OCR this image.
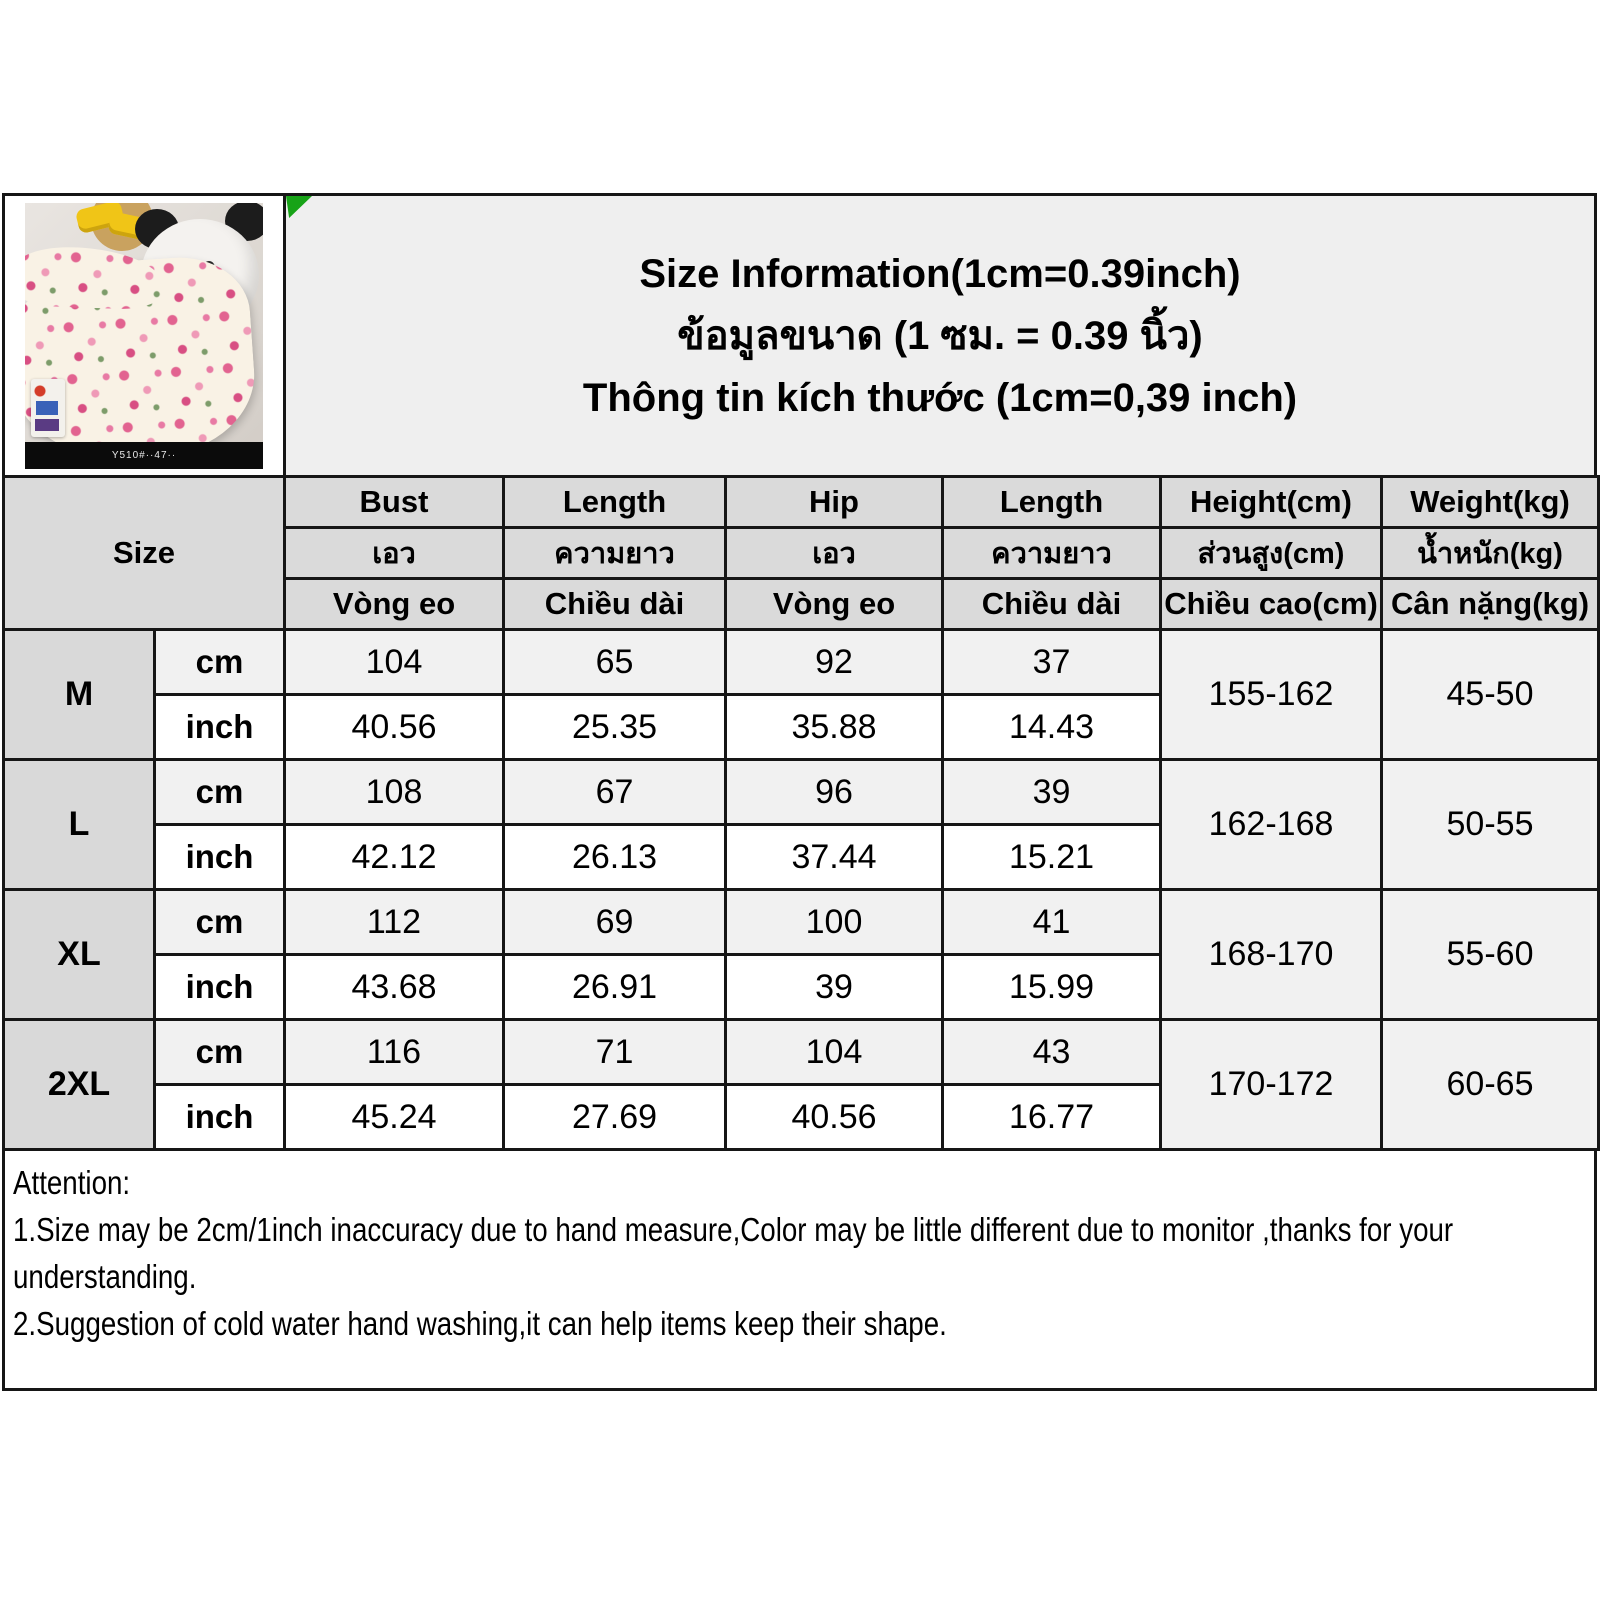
Y510#··47··
Size Information(1cm=0.39inch)
ข้อมูลขนาด (1 ซม. = 0.39 นิ้ว)
Thông tin kích thước (1cm=0,39 inch)
Size		Bust	Length	Hip	Length	Height(cm)	Weight(kg)
		เอว	ความยาว	เอว	ความยาว	ส่วนสูง(cm)	น้ำหนัก(kg)
		Vòng eo	Chiều dài	Vòng eo	Chiều dài	Chiều cao(cm)	Cân nặng(kg)
M	cm	104	65	92	37	155-162	45-50
	inch	40.56	25.35	35.88	14.43		
L	cm	108	67	96	39	162-168	50-55
	inch	42.12	26.13	37.44	15.21		
XL	cm	112	69	100	41	168-170	55-60
	inch	43.68	26.91	39	15.99		
2XL	cm	116	71	104	43	170-172	60-65
	inch	45.24	27.69	40.56	16.77		
Attention:
1.Size may be 2cm/1inch inaccuracy due to hand measure,Color may be little different due to monitor ,thanks for your
understanding.
2.Suggestion of cold water hand washing,it can help items keep their shape.
